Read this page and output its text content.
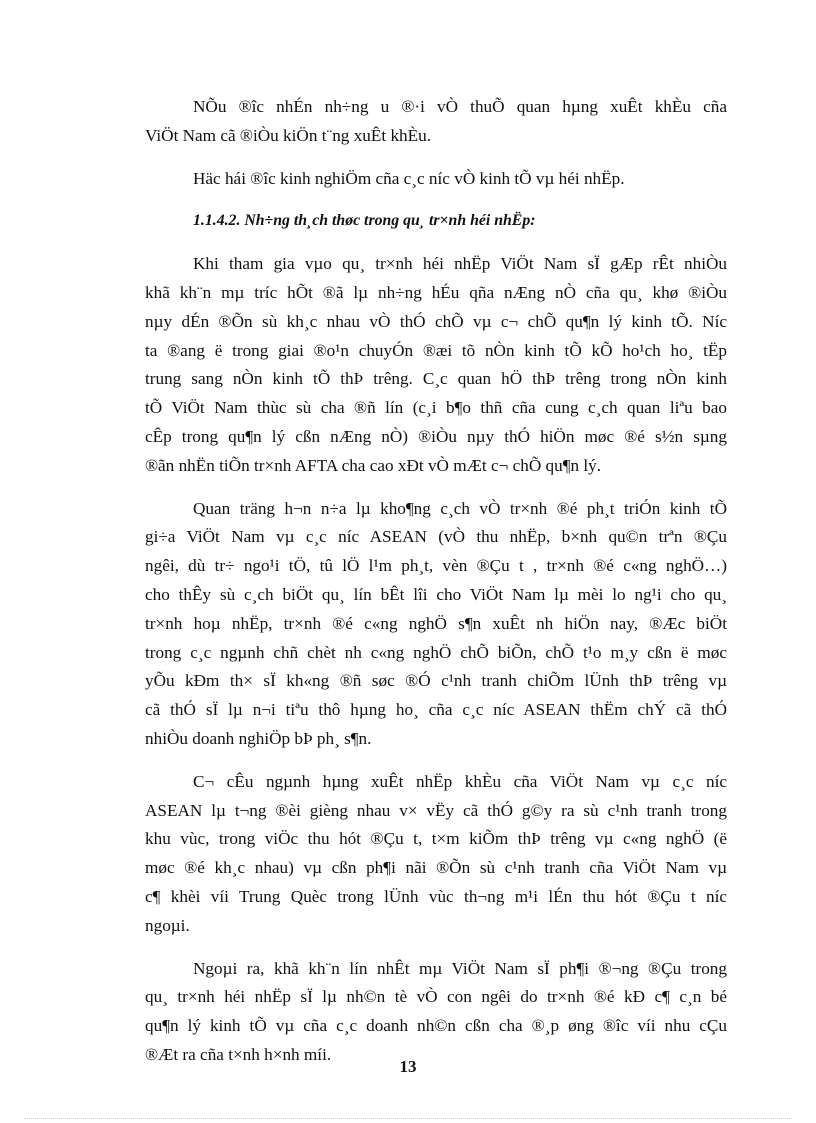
NÕu ®îc nhÉn nh÷ng u ®·i vÒ thuÕ quan hµng xuÊt khÈu cña
ViÖt Nam cã ®iÒu kiÖn t¨ng xuÊt khÈu.
Häc hái ®îc kinh nghiÖm cña c¸c níc vÒ kinh tÕ vµ héi nhËp.
1.1.4.2. Nh÷ng th¸ch thøc trong qu¸ tr×nh héi nhËp:
Khi tham gia vµo qu¸ tr×nh héi nhËp ViÖt Nam sÏ gÆp rÊt nhiÒu
khã kh¨n mµ tríc hÕt ®ã lµ nh÷ng hÉu qña nÆng nÒ cña qu¸ khø ®iÒu
nµy dÉn ®Õn sù kh¸c nhau vÒ thÓ chÕ vµ c¬ chÕ qu¶n lý kinh tÕ. Níc
ta ®ang ë trong giai ®o¹n chuyÓn ®æi tõ nÒn kinh tÕ kÕ ho¹ch ho¸ tËp
trung sang nÒn kinh tÕ thÞ trêng. C¸c quan hÖ thÞ trêng trong nÒn kinh
tÕ ViÖt Nam thùc sù cha ®ñ lín (c¸i b¶o thñ cña cung c¸ch quan liªu bao
cÊp trong qu¶n lý cßn nÆng nÒ) ®iÒu nµy thÓ hiÖn møc ®é s½n sµng
®ãn nhËn tiÕn tr×nh AFTA cha cao xÐt vÒ mÆt c¬ chÕ qu¶n lý.
Quan träng h¬n n÷a lµ kho¶ng c¸ch vÒ tr×nh ®é ph¸t triÓn kinh tÕ
gi÷a ViÖt Nam vµ c¸c níc ASEAN (vÒ thu nhËp, b×nh qu©n trªn ®Çu
ngêi, dù tr÷ ngo¹i tÖ, tû lÖ l¹m ph¸t, vèn ®Çu t , tr×nh ®é c«ng nghÖ…)
cho thÊy sù c¸ch biÖt qu¸ lín bÊt lîi cho ViÖt Nam lµ mèi lo ng¹i cho qu¸
tr×nh hoµ nhËp, tr×nh ®é c«ng nghÖ s¶n xuÊt nh hiÖn nay, ®Æc biÖt
trong c¸c ngµnh chñ chèt nh c«ng nghÖ chÕ biÕn, chÕ t¹o m¸y cßn ë møc
yÕu kÐm th× sÏ kh«ng ®ñ søc ®Ó c¹nh tranh chiÕm lÜnh thÞ trêng vµ
cã thÓ sÏ lµ n¬i tiªu thô hµng ho¸ cña c¸c níc ASEAN thËm chÝ cã thÓ
nhiÒu doanh nghiÖp bÞ ph¸ s¶n.
C¬ cÊu ngµnh hµng xuÊt nhËp khÈu cña ViÖt Nam vµ c¸c níc
ASEAN lµ t¬ng ®èi gièng nhau v× vËy cã thÓ g©y ra sù c¹nh tranh trong
khu vùc, trong viÖc thu hót ®Çu t, t×m kiÕm thÞ trêng vµ c«ng nghÖ (ë
møc ®é kh¸c nhau) vµ cßn ph¶i nãi ®Õn sù c¹nh tranh cña ViÖt Nam vµ
c¶ khèi víi Trung Quèc trong lÜnh vùc th¬ng m¹i lÉn thu hót ®Çu t níc
ngoµi.
Ngoµi ra, khã kh¨n lín nhÊt mµ ViÖt Nam sÏ ph¶i ®¬ng ®Çu trong
qu¸ tr×nh héi nhËp sÏ lµ nh©n tè vÒ con ngêi do tr×nh ®é kÐ c¶ c¸n bé
qu¶n lý kinh tÕ vµ cña c¸c doanh nh©n cßn cha ®¸p øng ®îc víi nhu cÇu
®Æt ra cña t×nh h×nh míi.
13
